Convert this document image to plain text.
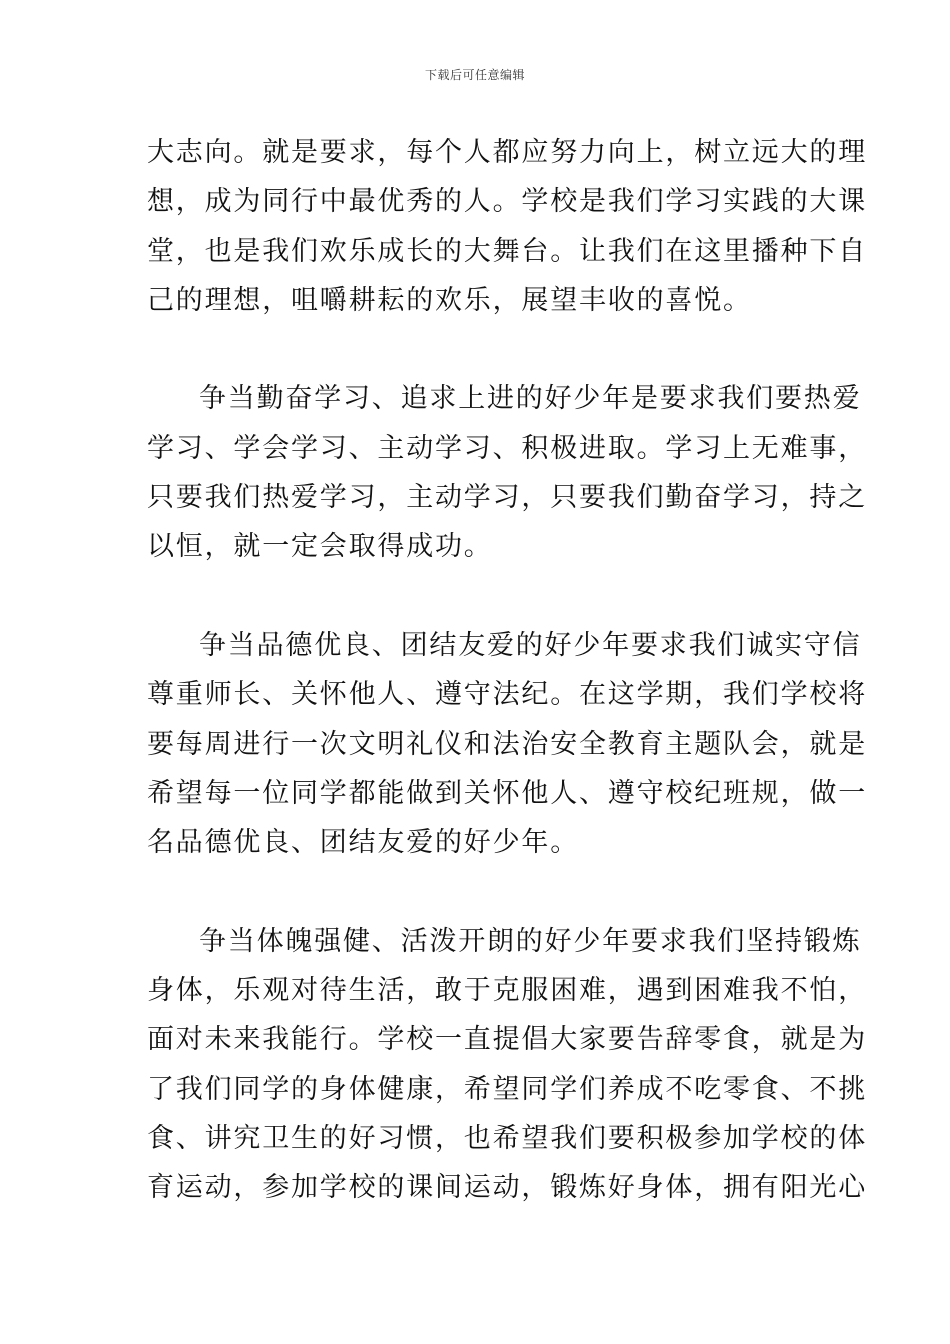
下载后可任意编辑
大志向。就是要求，每个人都应努力向上，树立远大的理
想，成为同行中最优秀的人。学校是我们学习实践的大课
堂，也是我们欢乐成长的大舞台。让我们在这里播种下自
己的理想，咀嚼耕耘的欢乐，展望丰收的喜悦。
争当勤奋学习、追求上进的好少年是要求我们要热爱
学习、学会学习、主动学习、积极进取。学习上无难事，
只要我们热爱学习，主动学习，只要我们勤奋学习，持之
以恒，就一定会取得成功。
争当品德优良、团结友爱的好少年要求我们诚实守信
尊重师长、关怀他人、遵守法纪。在这学期，我们学校将
要每周进行一次文明礼仪和法治安全教育主题队会，就是
希望每一位同学都能做到关怀他人、遵守校纪班规，做一
名品德优良、团结友爱的好少年。
争当体魄强健、活泼开朗的好少年要求我们坚持锻炼
身体，乐观对待生活，敢于克服困难，遇到困难我不怕，
面对未来我能行。学校一直提倡大家要告辞零食，就是为
了我们同学的身体健康，希望同学们养成不吃零食、不挑
食、讲究卫生的好习惯，也希望我们要积极参加学校的体
育运动，参加学校的课间运动，锻炼好身体，拥有阳光心
